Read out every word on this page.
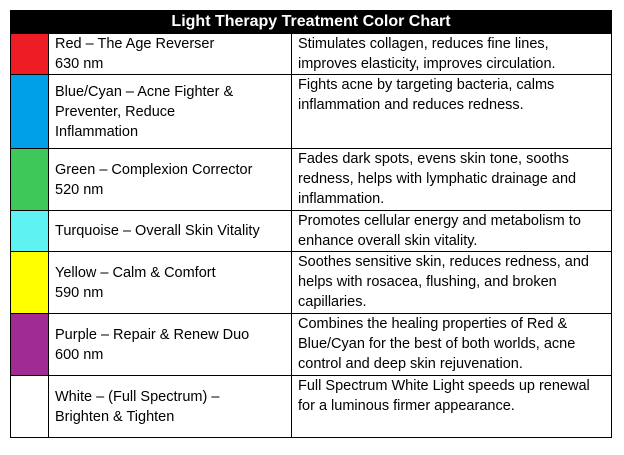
Light Therapy Treatment Color Chart		

	Red – The Age Reverser
630 nm	Stimulates collagen, reduces fine lines, improves elasticity, improves circulation.

	Blue/Cyan – Acne Fighter &
Preventer, Reduce
Inflammation	Fights acne by targeting bacteria, calms inflammation and reduces redness.

	Green – Complexion Corrector
520 nm	Fades dark spots, evens skin tone, sooths redness, helps with lymphatic drainage and inflammation.

	Turquoise – Overall Skin Vitality	Promotes cellular energy and metabolism to enhance overall skin vitality.

	Yellow – Calm & Comfort
590 nm	Soothes sensitive skin, reduces redness, and helps with rosacea, flushing, and broken capillaries.

	Purple – Repair & Renew Duo
600 nm	Combines the healing properties of Red & Blue/Cyan for the best of both worlds, acne control and deep skin rejuvenation.

	White – (Full Spectrum) –
Brighten & Tighten	Full Spectrum White Light speeds up renewal for a luminous firmer appearance.
